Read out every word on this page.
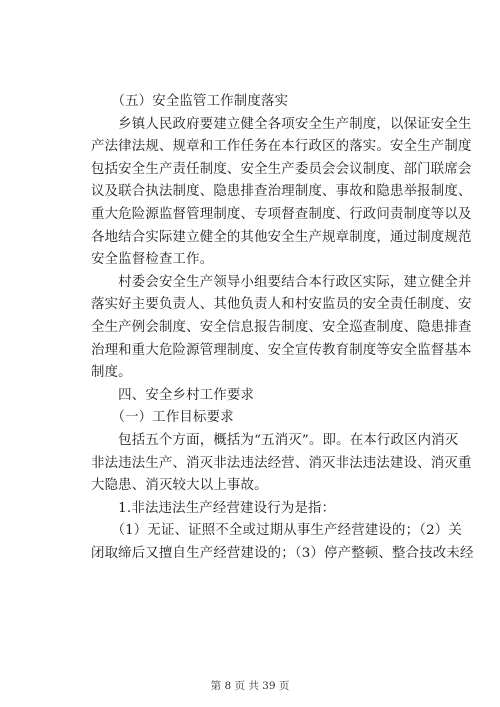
　　（五）安全监管工作制度落实
　　乡镇人民政府要建立健全各项安全生产制度，以保证安全生
产法律法规、规章和工作任务在本行政区的落实。安全生产制度
包括安全生产责任制度、安全生产委员会会议制度、部门联席会
议及联合执法制度、隐患排查治理制度、事故和隐患举报制度、
重大危险源监督管理制度、专项督查制度、行政问责制度等以及
各地结合实际建立健全的其他安全生产规章制度，通过制度规范
安全监督检查工作。
　　村委会安全生产领导小组要结合本行政区实际，建立健全并
落实好主要负责人、其他负责人和村安监员的安全责任制度、安
全生产例会制度、安全信息报告制度、安全巡查制度、隐患排查
治理和重大危险源管理制度、安全宣传教育制度等安全监督基本
制度。
　　四、安全乡村工作要求
　　（一）工作目标要求
　　包括五个方面，概括为“五消灭”。即。在本行政区内消灭
非法违法生产、消灭非法违法经营、消灭非法违法建设、消灭重
大隐患、消灭较大以上事故。
　　1.非法违法生产经营建设行为是指：
　　（1）无证、证照不全或过期从事生产经营建设的；（2）关
闭取缔后又擅自生产经营建设的；（3）停产整顿、整合技改未经
第 8 页 共 39 页
